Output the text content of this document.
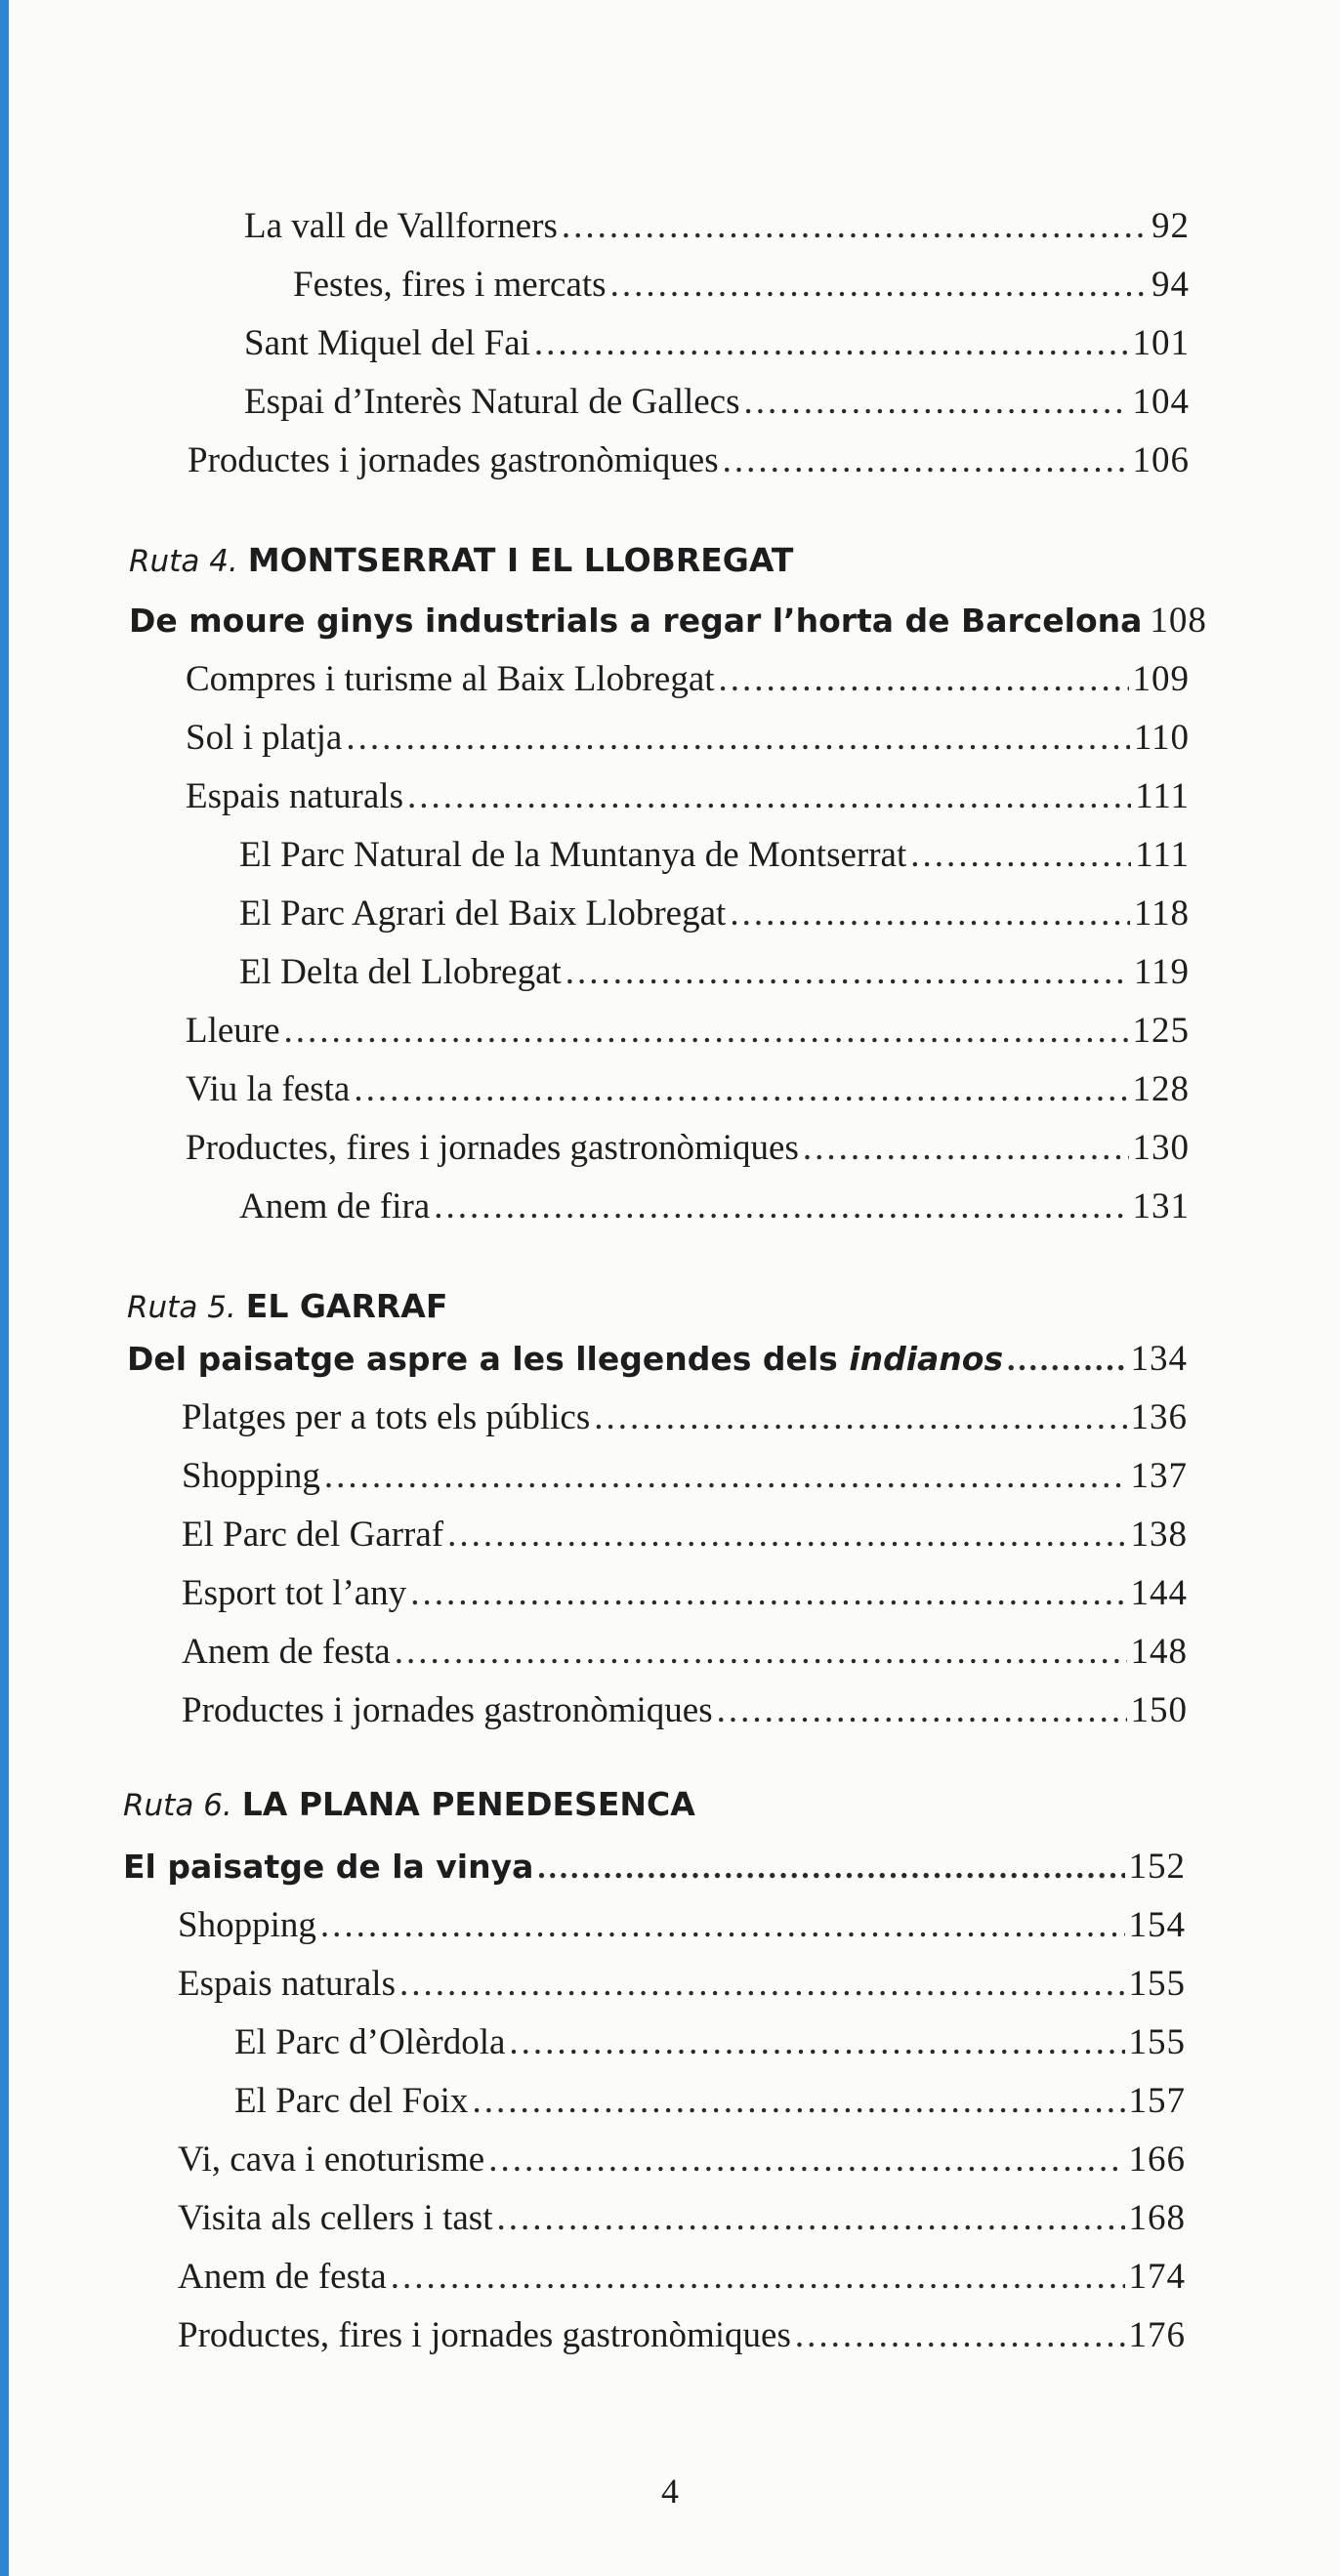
La vall de Vallforners .....	92
Festes, fires i mercats .....	94
Sant Miquel del Fai .....	101
Espai d’Interès Natural de Gallecs .....	104
Productes i jornades gastronòmiques .....	106
Ruta 4. MONTSERRAT I EL LLOBREGAT
De moure ginys industrials a regar l’horta de Barcelona 108
Compres i turisme al Baix Llobregat .....	109
Sol i platja .....	110
Espais naturals .....	111
El Parc Natural de la Muntanya de Montserrat .....	111
El Parc Agrari del Baix Llobregat .....	118
El Delta del Llobregat .....	119
Lleure .....	125
Viu la festa .....	128
Productes, fires i jornades gastronòmiques .....	130
Anem de fira .....	131
Ruta 5. EL GARRAF
Del paisatge aspre a les llegendes dels indianos .....	134
Platges per a tots els públics .....	136
Shopping .....	137
El Parc del Garraf .....	138
Esport tot l’any .....	144
Anem de festa .....	148
Productes i jornades gastronòmiques .....	150
Ruta 6. LA PLANA PENEDESENCA
El paisatge de la vinya .....	152
Shopping .....	154
Espais naturals .....	155
El Parc d’Olèrdola .....	155
El Parc del Foix .....	157
Vi, cava i enoturisme .....	166
Visita als cellers i tast .....	168
Anem de festa .....	174
Productes, fires i jornades gastronòmiques .....	176
4
